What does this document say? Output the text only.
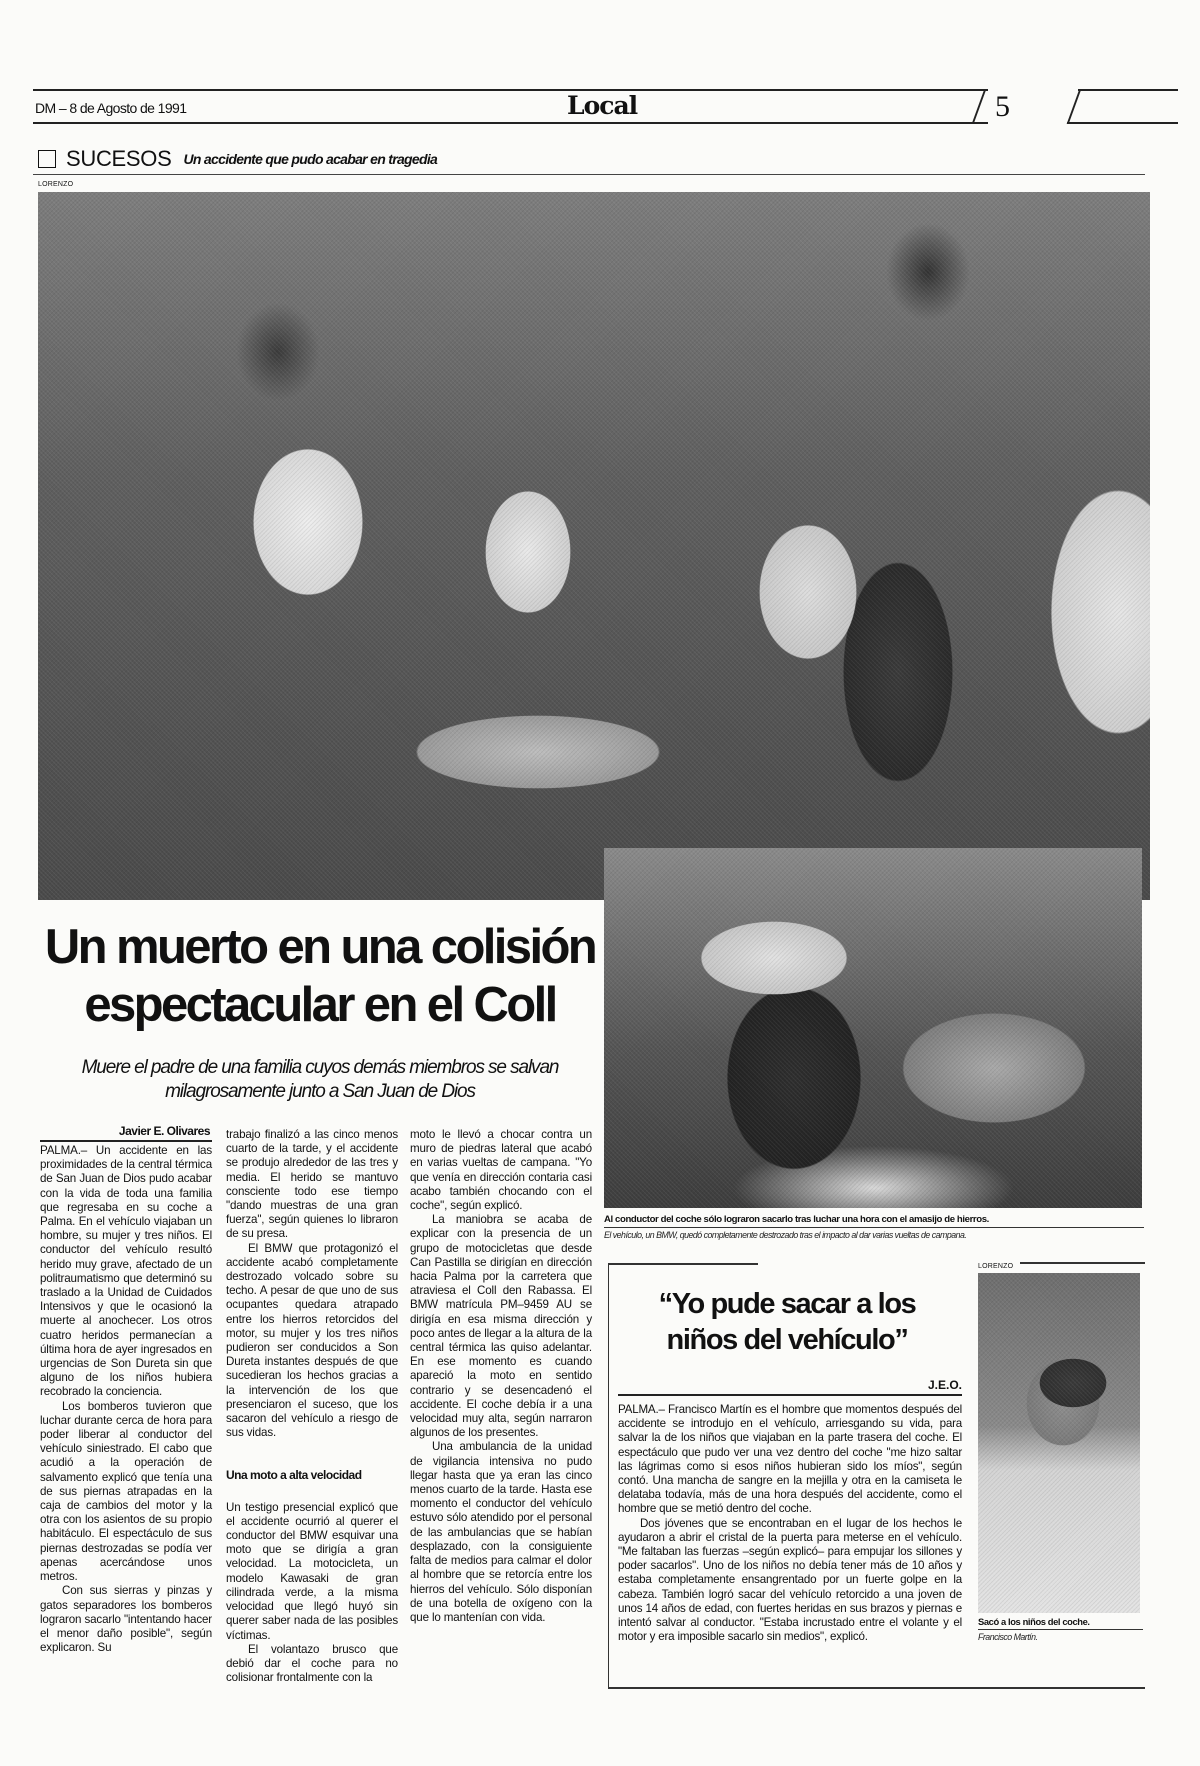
DM – 8 de Agosto de 1991	Local	5
SUCESOS Un accidente que pudo acabar en tragedia
LORENZO
Un muerto en una colisión
espectacular en el Coll
Muere el padre de una familia cuyos demás miembros se salvan
milagrosamente junto a San Juan de Dios
Javier E. Olivares

PALMA.– Un accidente en las proximidades de la central térmica de San Juan de Dios pudo acabar con la vida de toda una familia que regresaba en su coche a Palma. En el vehículo viajaban un hombre, su mujer y tres niños. El conductor del vehículo resultó herido muy grave, afectado de un politraumatismo que determinó su traslado a la Unidad de Cuidados Intensivos y que le ocasionó la muerte al anochecer. Los otros cuatro heridos permanecían a última hora de ayer ingresados en urgencias de Son Dureta sin que alguno de los niños hubiera recobrado la conciencia.

Los bomberos tuvieron que luchar durante cerca de hora para poder liberar al conductor del vehículo siniestrado. El cabo que acudió a la operación de salvamento explicó que tenía una de sus piernas atrapadas en la caja de cambios del motor y la otra con los asientos de su propio habitáculo. El espectáculo de sus piernas destrozadas se podía ver apenas acercándose unos metros.

Con sus sierras y pinzas y gatos separadores los bomberos lograron sacarlo "intentando hacer el menor daño posible", según explicaron. Su

trabajo finalizó a las cinco menos cuarto de la tarde, y el accidente se produjo alrededor de las tres y media. El herido se mantuvo consciente todo ese tiempo "dando muestras de una gran fuerza", según quienes lo libraron de su presa.

El BMW que protagonizó el accidente acabó completamente destrozado volcado sobre su techo. A pesar de que uno de sus ocupantes quedara atrapado entre los hierros retorcidos del motor, su mujer y los tres niños pudieron ser conducidos a Son Dureta instantes después de que sucedieran los hechos gracias a la intervención de los que presenciaron el suceso, que los sacaron del vehículo a riesgo de sus vidas.

Una moto a alta velocidad

Un testigo presencial explicó que el accidente ocurrió al querer el conductor del BMW esquivar una moto que se dirigía a gran velocidad. La motocicleta, un modelo Kawasaki de gran cilindrada verde, a la misma velocidad que llegó huyó sin querer saber nada de las posibles víctimas.

El volantazo brusco que debió dar el coche para no colisionar frontalmente con la

moto le llevó a chocar contra un muro de piedras lateral que acabó en varias vueltas de campana. "Yo que venía en dirección contaria casi acabo también chocando con el coche", según explicó.

La maniobra se acaba de explicar con la presencia de un grupo de motocicletas que desde Can Pastilla se dirigían en dirección hacia Palma por la carretera que atraviesa el Coll den Rabassa. El BMW matrícula PM–9459 AU se dirigía en esa misma dirección y poco antes de llegar a la altura de la central térmica las quiso adelantar. En ese momento es cuando apareció la moto en sentido contrario y se desencadenó el accidente. El coche debía ir a una velocidad muy alta, según narraron algunos de los presentes.

Una ambulancia de la unidad de vigilancia intensiva no pudo llegar hasta que ya eran las cinco menos cuarto de la tarde. Hasta ese momento el conductor del vehículo estuvo sólo atendido por el personal de las ambulancias que se habían desplazado, con la consiguiente falta de medios para calmar el dolor al hombre que se retorcía entre los hierros del vehículo. Sólo disponían de una botella de oxígeno con la que lo mantenían con vida.

Al conductor del coche sólo lograron sacarlo tras luchar una hora con el amasijo de hierros.
El vehículo, un BMW, quedó completamente destrozado tras el impacto al dar varias vueltas de campana.
“Yo pude sacar a los
niños del vehículo”
J.E.O.

PALMA.– Francisco Martín es el hombre que momentos después del accidente se introdujo en el vehículo, arriesgando su vida, para salvar la de los niños que viajaban en la parte trasera del coche. El espectáculo que pudo ver una vez dentro del coche "me hizo saltar las lágrimas como si esos niños hubieran sido los míos", según contó. Una mancha de sangre en la mejilla y otra en la camiseta le delataba todavía, más de una hora después del accidente, como el hombre que se metió dentro del coche.

Dos jóvenes que se encontraban en el lugar de los hechos le ayudaron a abrir el cristal de la puerta para meterse en el vehículo. "Me faltaban las fuerzas –según explicó– para empujar los sillones y poder sacarlos". Uno de los niños no debía tener más de 10 años y estaba completamente ensangrentado por un fuerte golpe en la cabeza. También logró sacar del vehículo retorcido a una joven de unos 14 años de edad, con fuertes heridas en sus brazos y piernas e intentó salvar al conductor. "Estaba incrustado entre el volante y el motor y era imposible sacarlo sin medios", explicó.

LORENZO
Sacó a los niños del coche.
Francisco Martín.
